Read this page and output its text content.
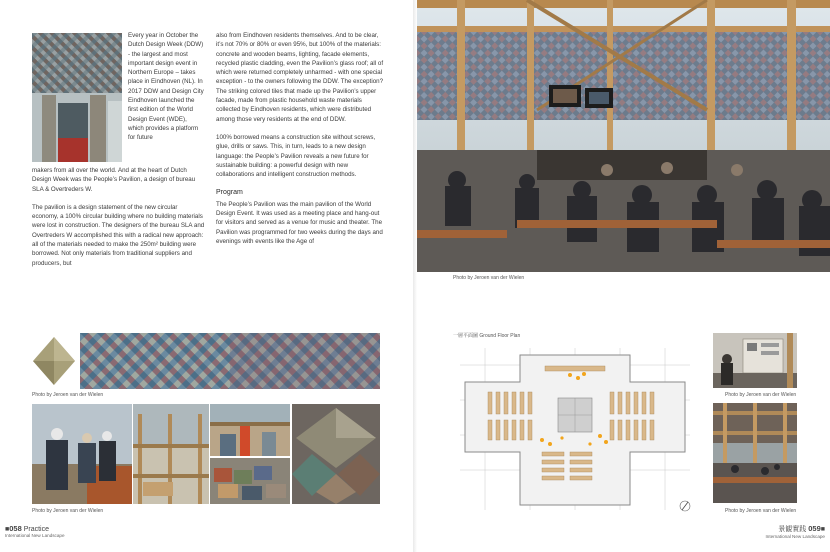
Every year in October the Dutch Design Week (DDW) - the largest and most important design event in Northern Europe – takes place in Eindhoven (NL). In 2017 DDW and Design City Eindhoven launched the first edition of the World Design Event (WDE), which provides a platform for future

makers from all over the world. And at the heart of Dutch Design Week was the People’s Pavilion, a design of bureau SLA & Overtreders W.

The pavilion is a design statement of the new circular economy, a 100% circular building where no building materials were lost in construction. The designers of the bureau SLA and Overtreders W accomplished this with a radical new approach: all of the materials needed to make the 250m² building were borrowed. Not only materials from traditional suppliers and producers, but

also from Eindhoven residents themselves. And to be clear, it’s not 70% or 80% or even 95%, but 100% of the materials: concrete and wooden beams, lighting, facade elements, recycled plastic cladding, even the Pavilion’s glass roof; all of which were returned completely unharmed - with one special exception - to the owners following the DDW. The exception? The striking colored tiles that made up the Pavilion’s upper facade, made from plastic household waste materials collected by Eindhoven residents, which were distributed among those very residents at the end of DDW.

100% borrowed means a construction site without screws, glue, drills or saws. This, in turn, leads to a new design language: the People’s Pavilion reveals a new future for sustainable building: a powerful design with new collaborations and intelligent construction methods.

Program

The People’s Pavilion was the main pavilion of the World Design Event. It was used as a meeting place and hang-out for visitors and served as a venue for music and theater. The Pavilion was programmed for two weeks during the days and evenings with events like the Age of

Photo by Jeroen van der Wielen
Photo by Jeroen van der Wielen
■058 Practice
International New Landscape
Photo by Jeroen van der Wielen
一層平面圖 Ground Floor Plan
Photo by Jeroen van der Wielen
Photo by Jeroen van der Wielen
景観實践 059■
International New Landscape
